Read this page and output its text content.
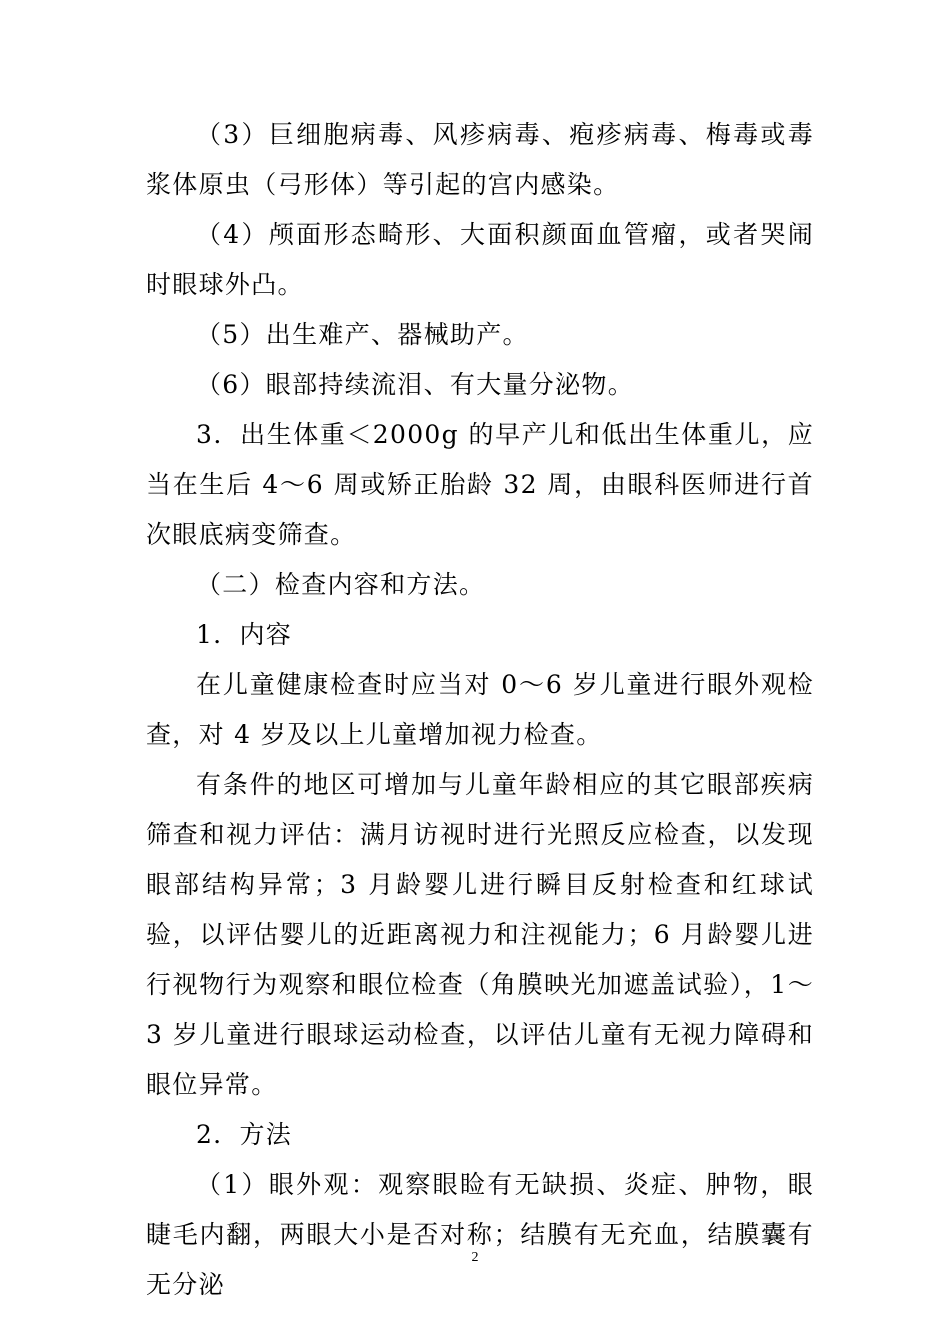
（3）巨细胞病毒、风疹病毒、疱疹病毒、梅毒或毒浆体原虫（弓形体）等引起的宫内感染。

（4）颅面形态畸形、大面积颜面血管瘤，或者哭闹时眼球外凸。

（5）出生难产、器械助产。

（6）眼部持续流泪、有大量分泌物。

3．出生体重＜2000g 的早产儿和低出生体重儿，应当在生后 4～6 周或矫正胎龄 32 周，由眼科医师进行首次眼底病变筛查。

（二）检查内容和方法。

1．内容

在儿童健康检查时应当对 0～6 岁儿童进行眼外观检查，对 4 岁及以上儿童增加视力检查。

有条件的地区可增加与儿童年龄相应的其它眼部疾病筛查和视力评估：满月访视时进行光照反应检查，以发现眼部结构异常；3 月龄婴儿进行瞬目反射检查和红球试验，以评估婴儿的近距离视力和注视能力；6 月龄婴儿进行视物行为观察和眼位检查（角膜映光加遮盖试验），1～3 岁儿童进行眼球运动检查，以评估儿童有无视力障碍和眼位异常。

2．方法

（1）眼外观：观察眼睑有无缺损、炎症、肿物，眼睫毛内翻，两眼大小是否对称；结膜有无充血，结膜囊有无分泌

2
